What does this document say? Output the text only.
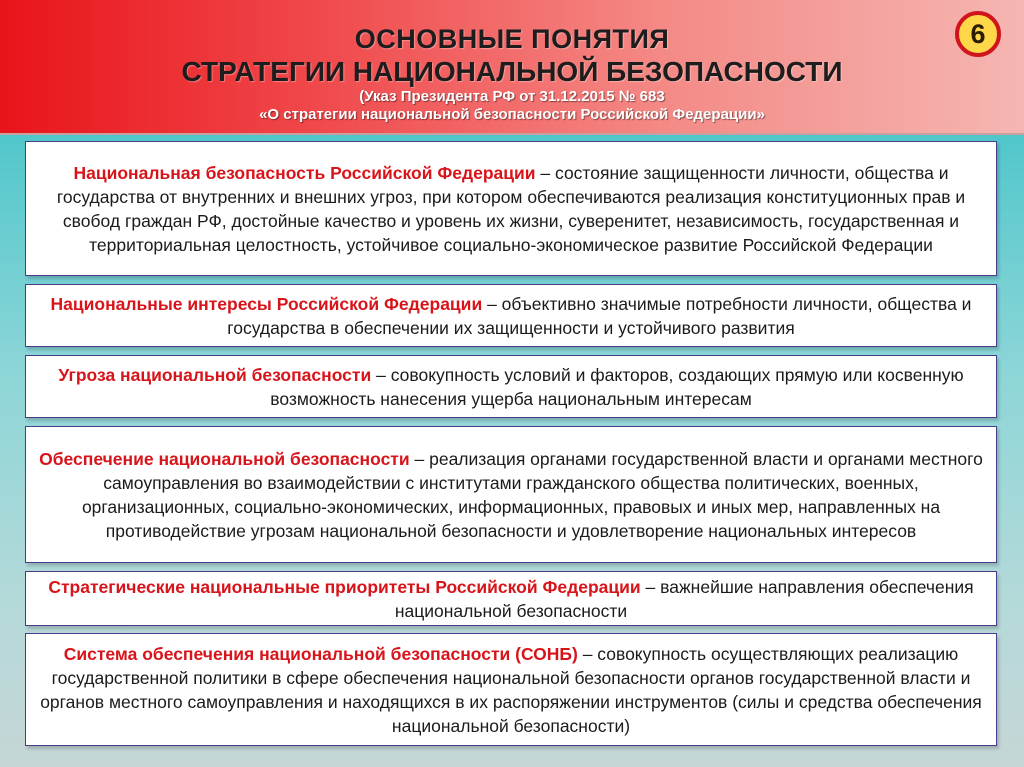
ОСНОВНЫЕ ПОНЯТИЯ
СТРАТЕГИИ НАЦИОНАЛЬНОЙ БЕЗОПАСНОСТИ
(Указ Президента РФ от 31.12.2015 № 683
«О стратегии национальной безопасности Российской Федерации»
6

Национальная безопасность Российской Федерации – состояние защищенности личности, общества и государства от внутренних и внешних угроз, при котором обеспечиваются реализация конституционных прав и свобод граждан РФ, достойные качество и уровень их жизни, суверенитет, независимость, государственная и территориальная целостность, устойчивое социально-экономическое развитие Российской Федерации

Национальные интересы Российской Федерации – объективно значимые потребности личности, общества и государства в обеспечении их защищенности и устойчивого развития

Угроза национальной безопасности – совокупность условий и факторов, создающих прямую или косвенную возможность нанесения ущерба национальным интересам

Обеспечение национальной безопасности – реализация органами государственной власти и органами местного самоуправления во взаимодействии с институтами гражданского общества политических, военных, организационных, социально-экономических, информационных, правовых и иных мер, направленных на противодействие угрозам национальной безопасности и удовлетворение национальных интересов

Стратегические национальные приоритеты Российской Федерации – важнейшие направления обеспечения национальной безопасности

Система обеспечения национальной безопасности (СОНБ) – совокупность осуществляющих реализацию государственной политики в сфере обеспечения национальной безопасности органов государственной власти и органов местного самоуправления и находящихся в их распоряжении инструментов (силы и средства обеспечения национальной безопасности)
